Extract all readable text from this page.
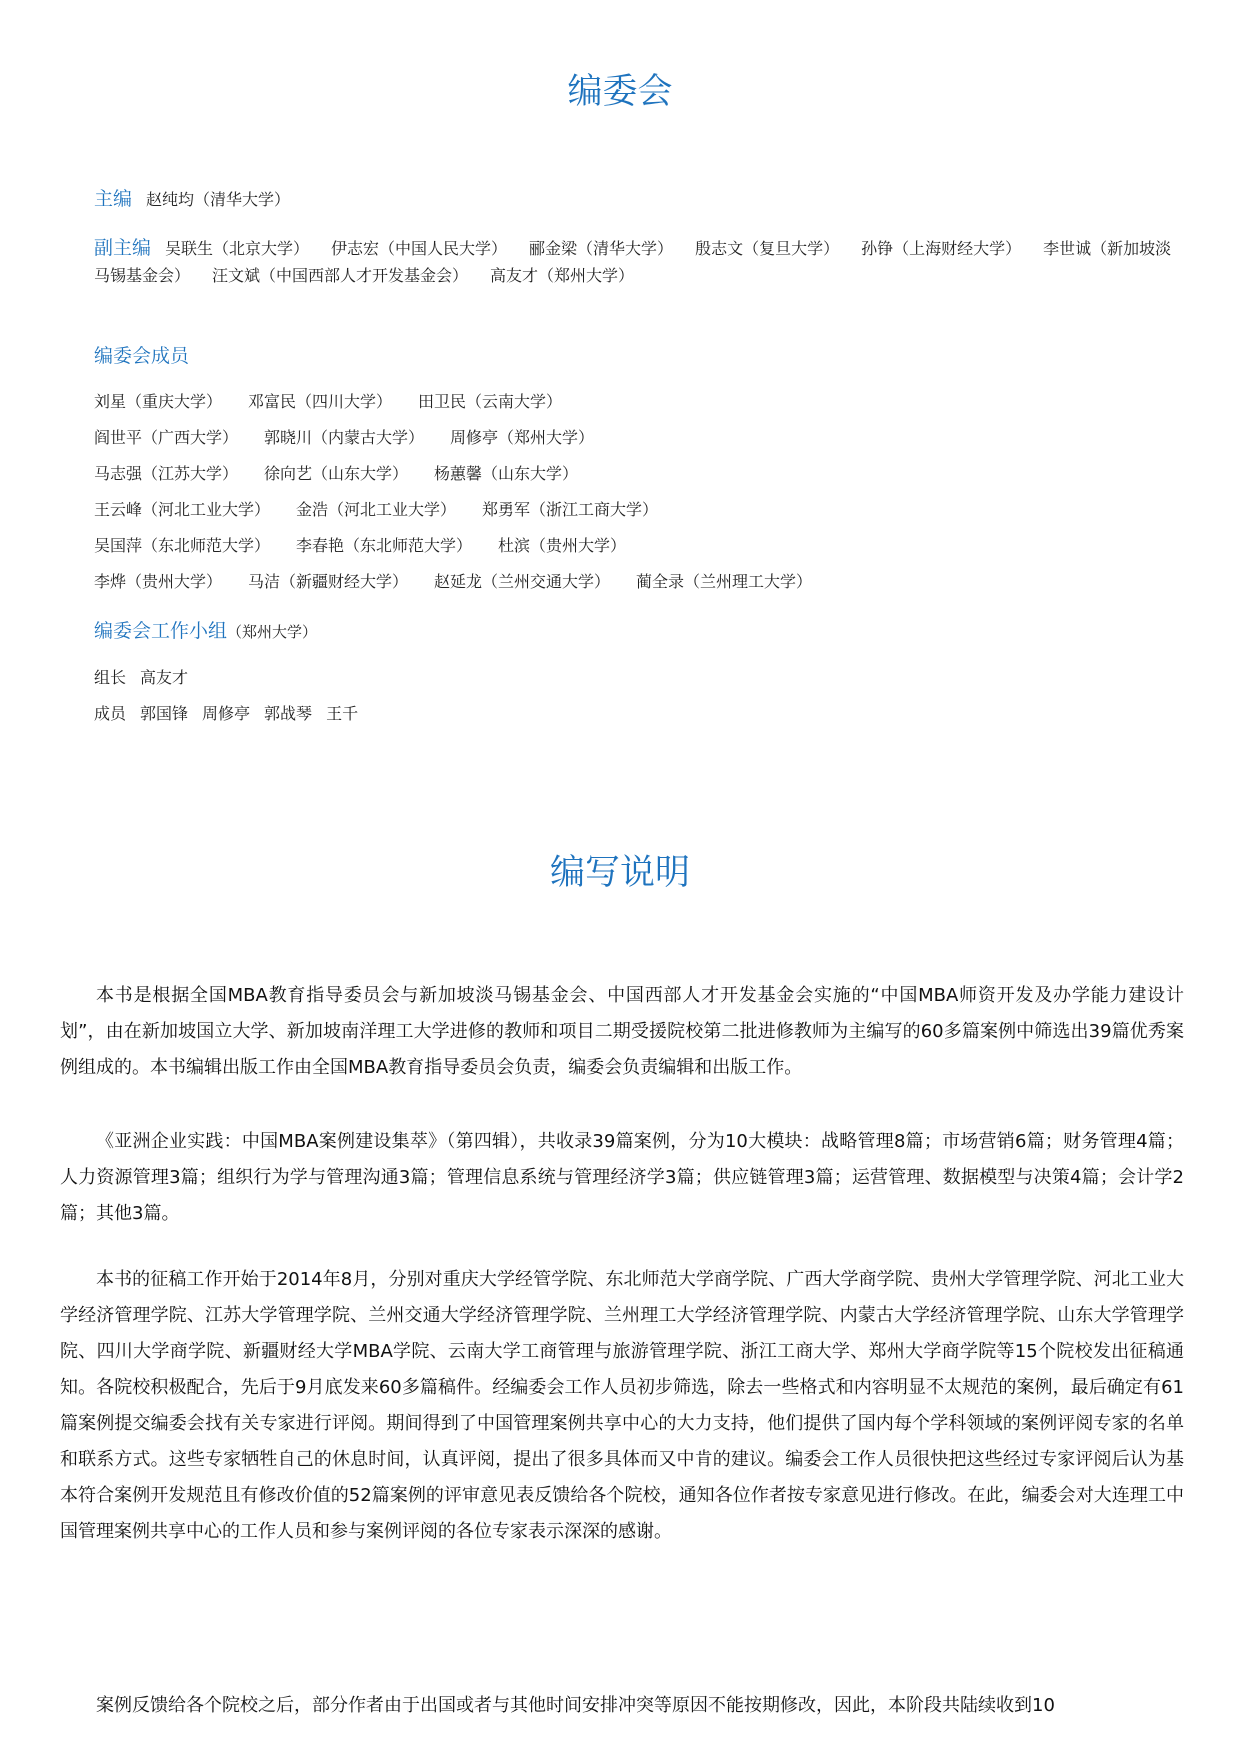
编委会
主编 赵纯均（清华大学）
副主编 吴联生（北京大学） 伊志宏（中国人民大学） 郦金梁（清华大学） 殷志文（复旦大学） 孙铮（上海财经大学） 李世诚（新加坡淡马锡基金会） 汪文斌（中国西部人才开发基金会） 高友才（郑州大学）
编委会成员
刘星（重庆大学） 邓富民（四川大学） 田卫民（云南大学）
阎世平（广西大学） 郭晓川（内蒙古大学） 周修亭（郑州大学）
马志强（江苏大学） 徐向艺（山东大学） 杨蕙馨（山东大学）
王云峰（河北工业大学） 金浩（河北工业大学） 郑勇军（浙江工商大学）
吴国萍（东北师范大学） 李春艳（东北师范大学） 杜滨（贵州大学）
李烨（贵州大学） 马洁（新疆财经大学） 赵延龙（兰州交通大学） 蔺全录（兰州理工大学）
编委会工作小组（郑州大学）
组长 高友才
成员 郭国锋 周修亭 郭战琴 王千
编写说明

本书是根据全国MBA教育指导委员会与新加坡淡马锡基金会、中国西部人才开发基金会实施的“中国MBA师资开发及办学能力建设计划”，由在新加坡国立大学、新加坡南洋理工大学进修的教师和项目二期受援院校第二批进修教师为主编写的60多篇案例中筛选出39篇优秀案例组成的。本书编辑出版工作由全国MBA教育指导委员会负责，编委会负责编辑和出版工作。

《亚洲企业实践：中国MBA案例建设集萃》（第四辑），共收录39篇案例，分为10大模块：战略管理8篇；市场营销6篇；财务管理4篇；人力资源管理3篇；组织行为学与管理沟通3篇；管理信息系统与管理经济学3篇；供应链管理3篇；运营管理、数据模型与决策4篇；会计学2篇；其他3篇。

本书的征稿工作开始于2014年8月，分别对重庆大学经管学院、东北师范大学商学院、广西大学商学院、贵州大学管理学院、河北工业大学经济管理学院、江苏大学管理学院、兰州交通大学经济管理学院、兰州理工大学经济管理学院、内蒙古大学经济管理学院、山东大学管理学院、四川大学商学院、新疆财经大学MBA学院、云南大学工商管理与旅游管理学院、浙江工商大学、郑州大学商学院等15个院校发出征稿通知。各院校积极配合，先后于9月底发来60多篇稿件。经编委会工作人员初步筛选，除去一些格式和内容明显不太规范的案例，最后确定有61篇案例提交编委会找有关专家进行评阅。期间得到了中国管理案例共享中心的大力支持，他们提供了国内每个学科领域的案例评阅专家的名单和联系方式。这些专家牺牲自己的休息时间，认真评阅，提出了很多具体而又中肯的建议。编委会工作人员很快把这些经过专家评阅后认为基本符合案例开发规范且有修改价值的52篇案例的评审意见表反馈给各个院校，通知各位作者按专家意见进行修改。在此，编委会对大连理工中国管理案例共享中心的工作人员和参与案例评阅的各位专家表示深深的感谢。

案例反馈给各个院校之后，部分作者由于出国或者与其他时间安排冲突等原因不能按期修改，因此，本阶段共陆续收到10
